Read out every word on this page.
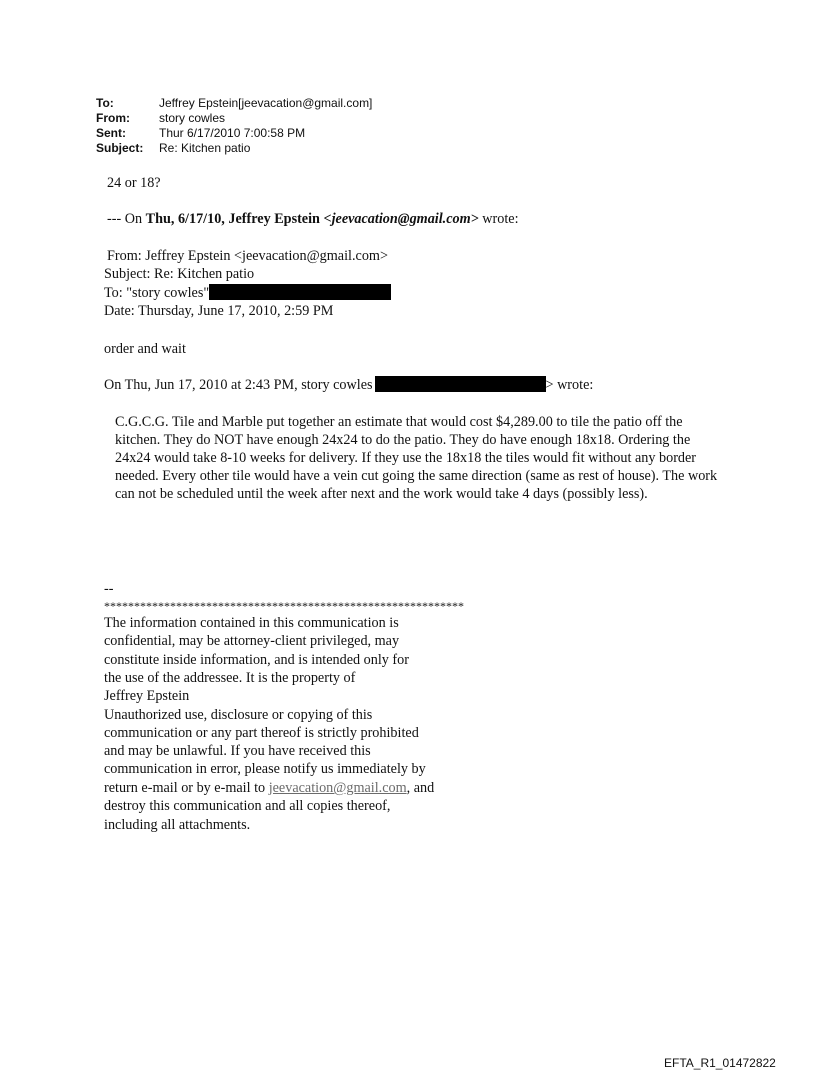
To:	Jeffrey Epstein[jeevacation@gmail.com]
From:	story cowles
Sent:	Thur 6/17/2010 7:00:58 PM
Subject:	Re: Kitchen patio
24 or 18?
--- On Thu, 6/17/10, Jeffrey Epstein <jeevacation@gmail.com> wrote:
From: Jeffrey Epstein <jeevacation@gmail.com>
Subject: Re: Kitchen patio
To: "story cowles"
Date: Thursday, June 17, 2010, 2:59 PM
order and wait
On Thu, Jun 17, 2010 at 2:43 PM, story cowles	> wrote:
C.G.C.G. Tile and Marble put together an estimate that would cost $4,289.00 to tile the patio off the kitchen. They do NOT have enough 24x24 to do the patio. They do have enough 18x18. Ordering the 24x24 would take 8-10 weeks for delivery. If they use the 18x18 the tiles would fit without any border needed. Every other tile would have a vein cut going the same direction (same as rest of house). The work can not be scheduled until the week after next and the work would take 4 days (possibly less).
--
************************************************************
The information contained in this communication is
confidential, may be attorney-client privileged, may
constitute inside information, and is intended only for
the use of the addressee. It is the property of
Jeffrey Epstein
Unauthorized use, disclosure or copying of this
communication or any part thereof is strictly prohibited
and may be unlawful. If you have received this
communication in error, please notify us immediately by
return e-mail or by e-mail to jeevacation@gmail.com, and
destroy this communication and all copies thereof,
including all attachments.
EFTA_R1_01472822
